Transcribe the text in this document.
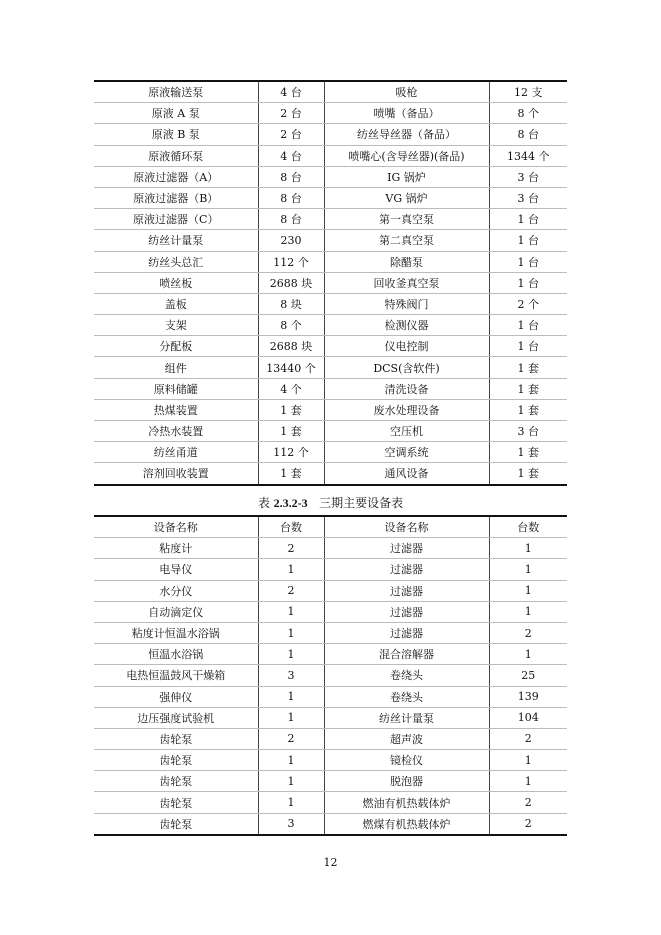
原液输送泵	4 台	吸枪	12 支
原液 A 泵	2 台	喷嘴（备品）	8 个
原液 B 泵	2 台	纺丝导丝器（备品）	8 台
原液循环泵	4 台	喷嘴心(含导丝器)(备品)	1344 个
原液过滤器（A）	8 台	IG 锅炉	3 台
原液过滤器（B）	8 台	VG 锅炉	3 台
原液过滤器（C）	8 台	第一真空泵	1 台
纺丝计量泵	230	第二真空泵	1 台
纺丝头总汇	112 个	除醋泵	1 台
喷丝板	2688 块	回收釜真空泵	1 台
盖板	8 块	特殊阀门	2 个
支架	8 个	检测仪器	1 台
分配板	2688 块	仪电控制	1 台
组件	13440 个	DCS(含软件)	1 套
原料储罐	4 个	清洗设备	1 套
热煤装置	1 套	废水处理设备	1 套
冷热水装置	1 套	空压机	3 台
纺丝甬道	112 个	空调系统	1 套
溶剂回收装置	1 套	通风设备	1 套
表 2.3.2-3 三期主要设备表
设备名称	台数	设备名称	台数
粘度计	2	过滤器	1
电导仪	1	过滤器	1
水分仪	2	过滤器	1
自动滴定仪	1	过滤器	1
粘度计恒温水浴锅	1	过滤器	2
恒温水浴锅	1	混合溶解器	1
电热恒温鼓风干燥箱	3	卷绕头	25
强伸仪	1	卷绕头	139
边压强度试验机	1	纺丝计量泵	104
齿轮泵	2	超声波	2
齿轮泵	1	镜检仪	1
齿轮泵	1	脱泡器	1
齿轮泵	1	燃油有机热载体炉	2
齿轮泵	3	燃煤有机热载体炉	2
12
